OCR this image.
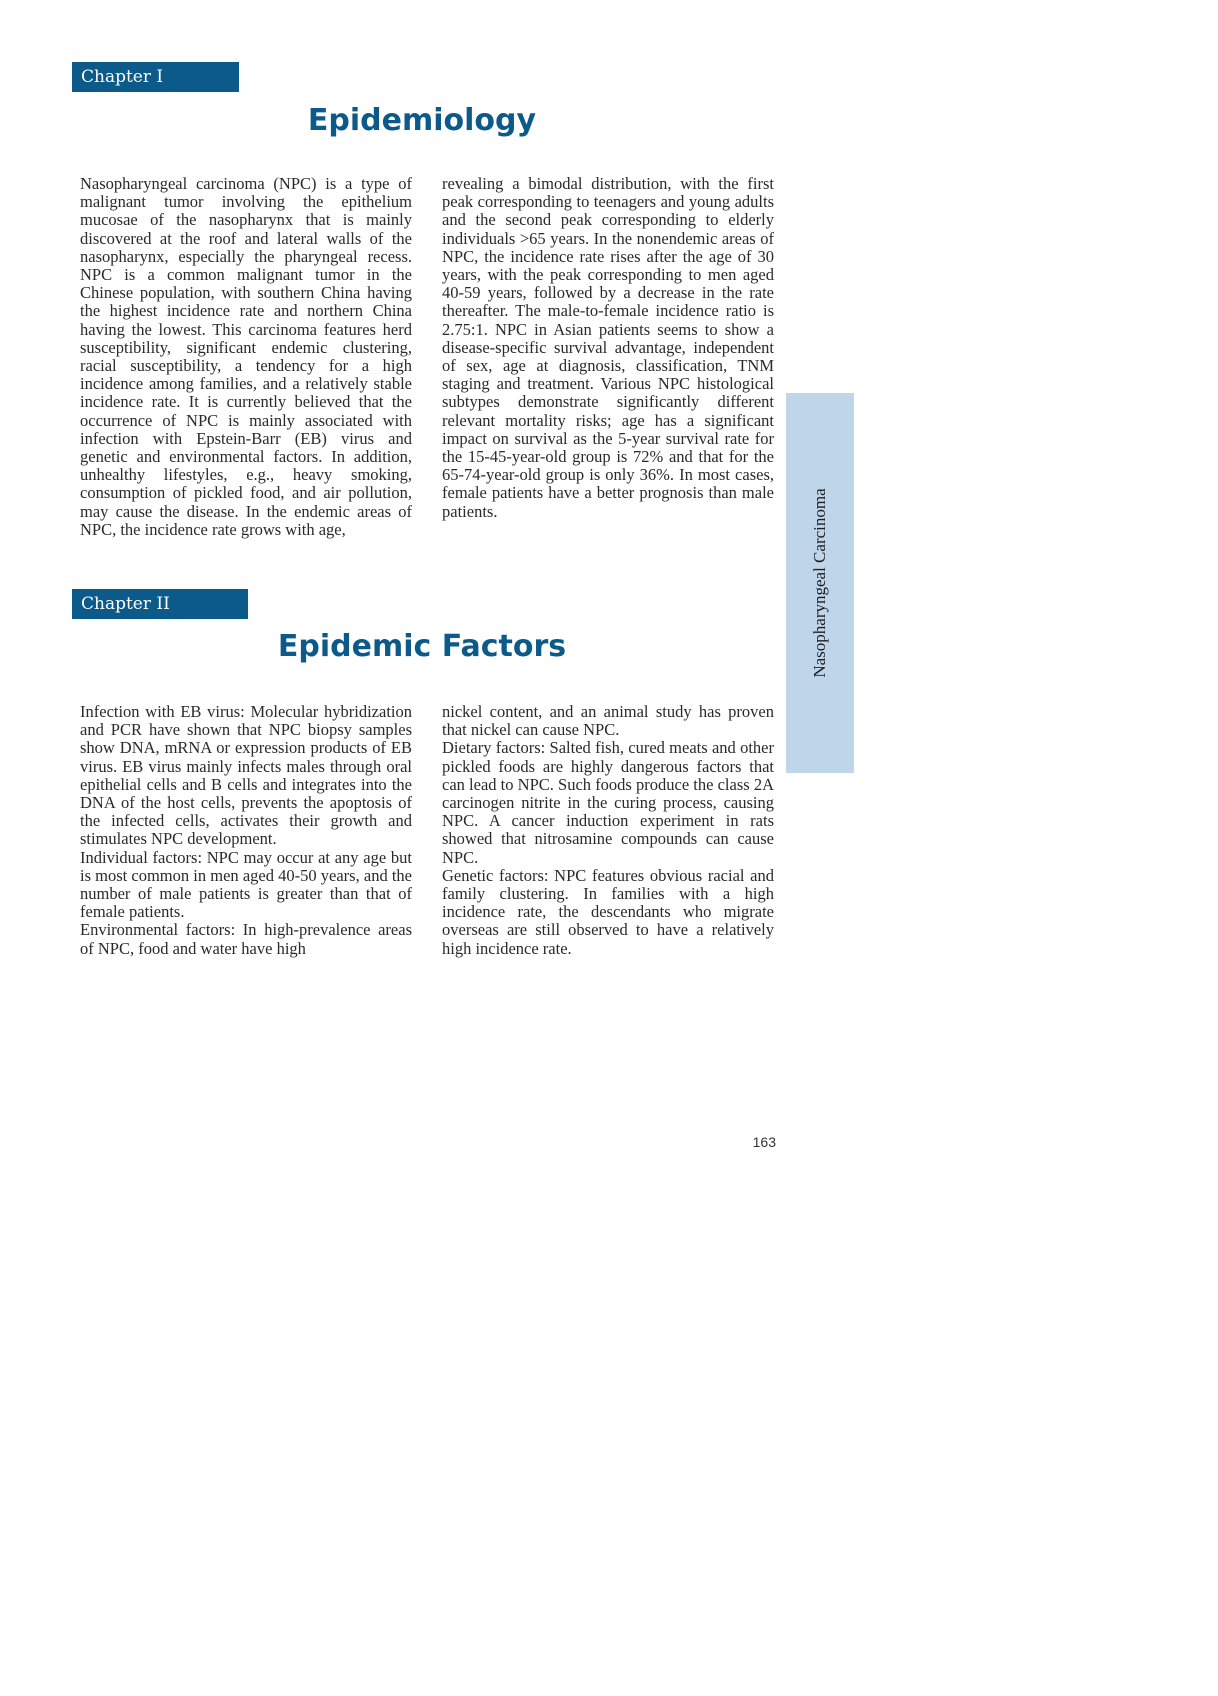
Chapter I
Epidemiology

Nasopharyngeal carcinoma (NPC) is a type of malignant tumor involving the epithelium mucosae of the nasopharynx that is mainly discovered at the roof and lateral walls of the nasopharynx, especially the pharyngeal recess. NPC is a common malignant tumor in the Chinese population, with southern China having the highest incidence rate and northern China having the lowest. This carcinoma features herd susceptibility, significant endemic clustering, racial susceptibility, a tendency for a high incidence among families, and a relatively stable incidence rate. It is currently believed that the occurrence of NPC is mainly associated with infection with Epstein-Barr (EB) virus and genetic and environmental factors. In addition, unhealthy lifestyles, e.g., heavy smoking, consumption of pickled food, and air pollution, may cause the disease. In the endemic areas of NPC, the incidence rate grows with age,

revealing a bimodal distribution, with the first peak corresponding to teenagers and young adults and the second peak corresponding to elderly individuals >65 years. In the nonendemic areas of NPC, the incidence rate rises after the age of 30 years, with the peak corresponding to men aged 40-59 years, followed by a decrease in the rate thereafter. The male-to-female incidence ratio is 2.75:1. NPC in Asian patients seems to show a disease-specific survival advantage, independent of sex, age at diagnosis, classification, TNM staging and treatment. Various NPC histological subtypes demonstrate significantly different relevant mortality risks; age has a significant impact on survival as the 5-year survival rate for the 15-45-year-old group is 72% and that for the 65-74-year-old group is only 36%. In most cases, female patients have a better prognosis than male patients.

Chapter II
Epidemic Factors

Infection with EB virus: Molecular hybridization and PCR have shown that NPC biopsy samples show DNA, mRNA or expression products of EB virus. EB virus mainly infects males through oral epithelial cells and B cells and integrates into the DNA of the host cells, prevents the apoptosis of the infected cells, activates their growth and stimulates NPC development.

Individual factors: NPC may occur at any age but is most common in men aged 40-50 years, and the number of male patients is greater than that of female patients.

Environmental factors: In high-prevalence areas of NPC, food and water have high

nickel content, and an animal study has proven that nickel can cause NPC.

Dietary factors: Salted fish, cured meats and other pickled foods are highly dangerous factors that can lead to NPC. Such foods produce the class 2A carcinogen nitrite in the curing process, causing NPC. A cancer induction experiment in rats showed that nitrosamine compounds can cause NPC.

Genetic factors: NPC features obvious racial and family clustering. In families with a high incidence rate, the descendants who migrate overseas are still observed to have a relatively high incidence rate.

Nasopharyngeal Carcinoma
163
